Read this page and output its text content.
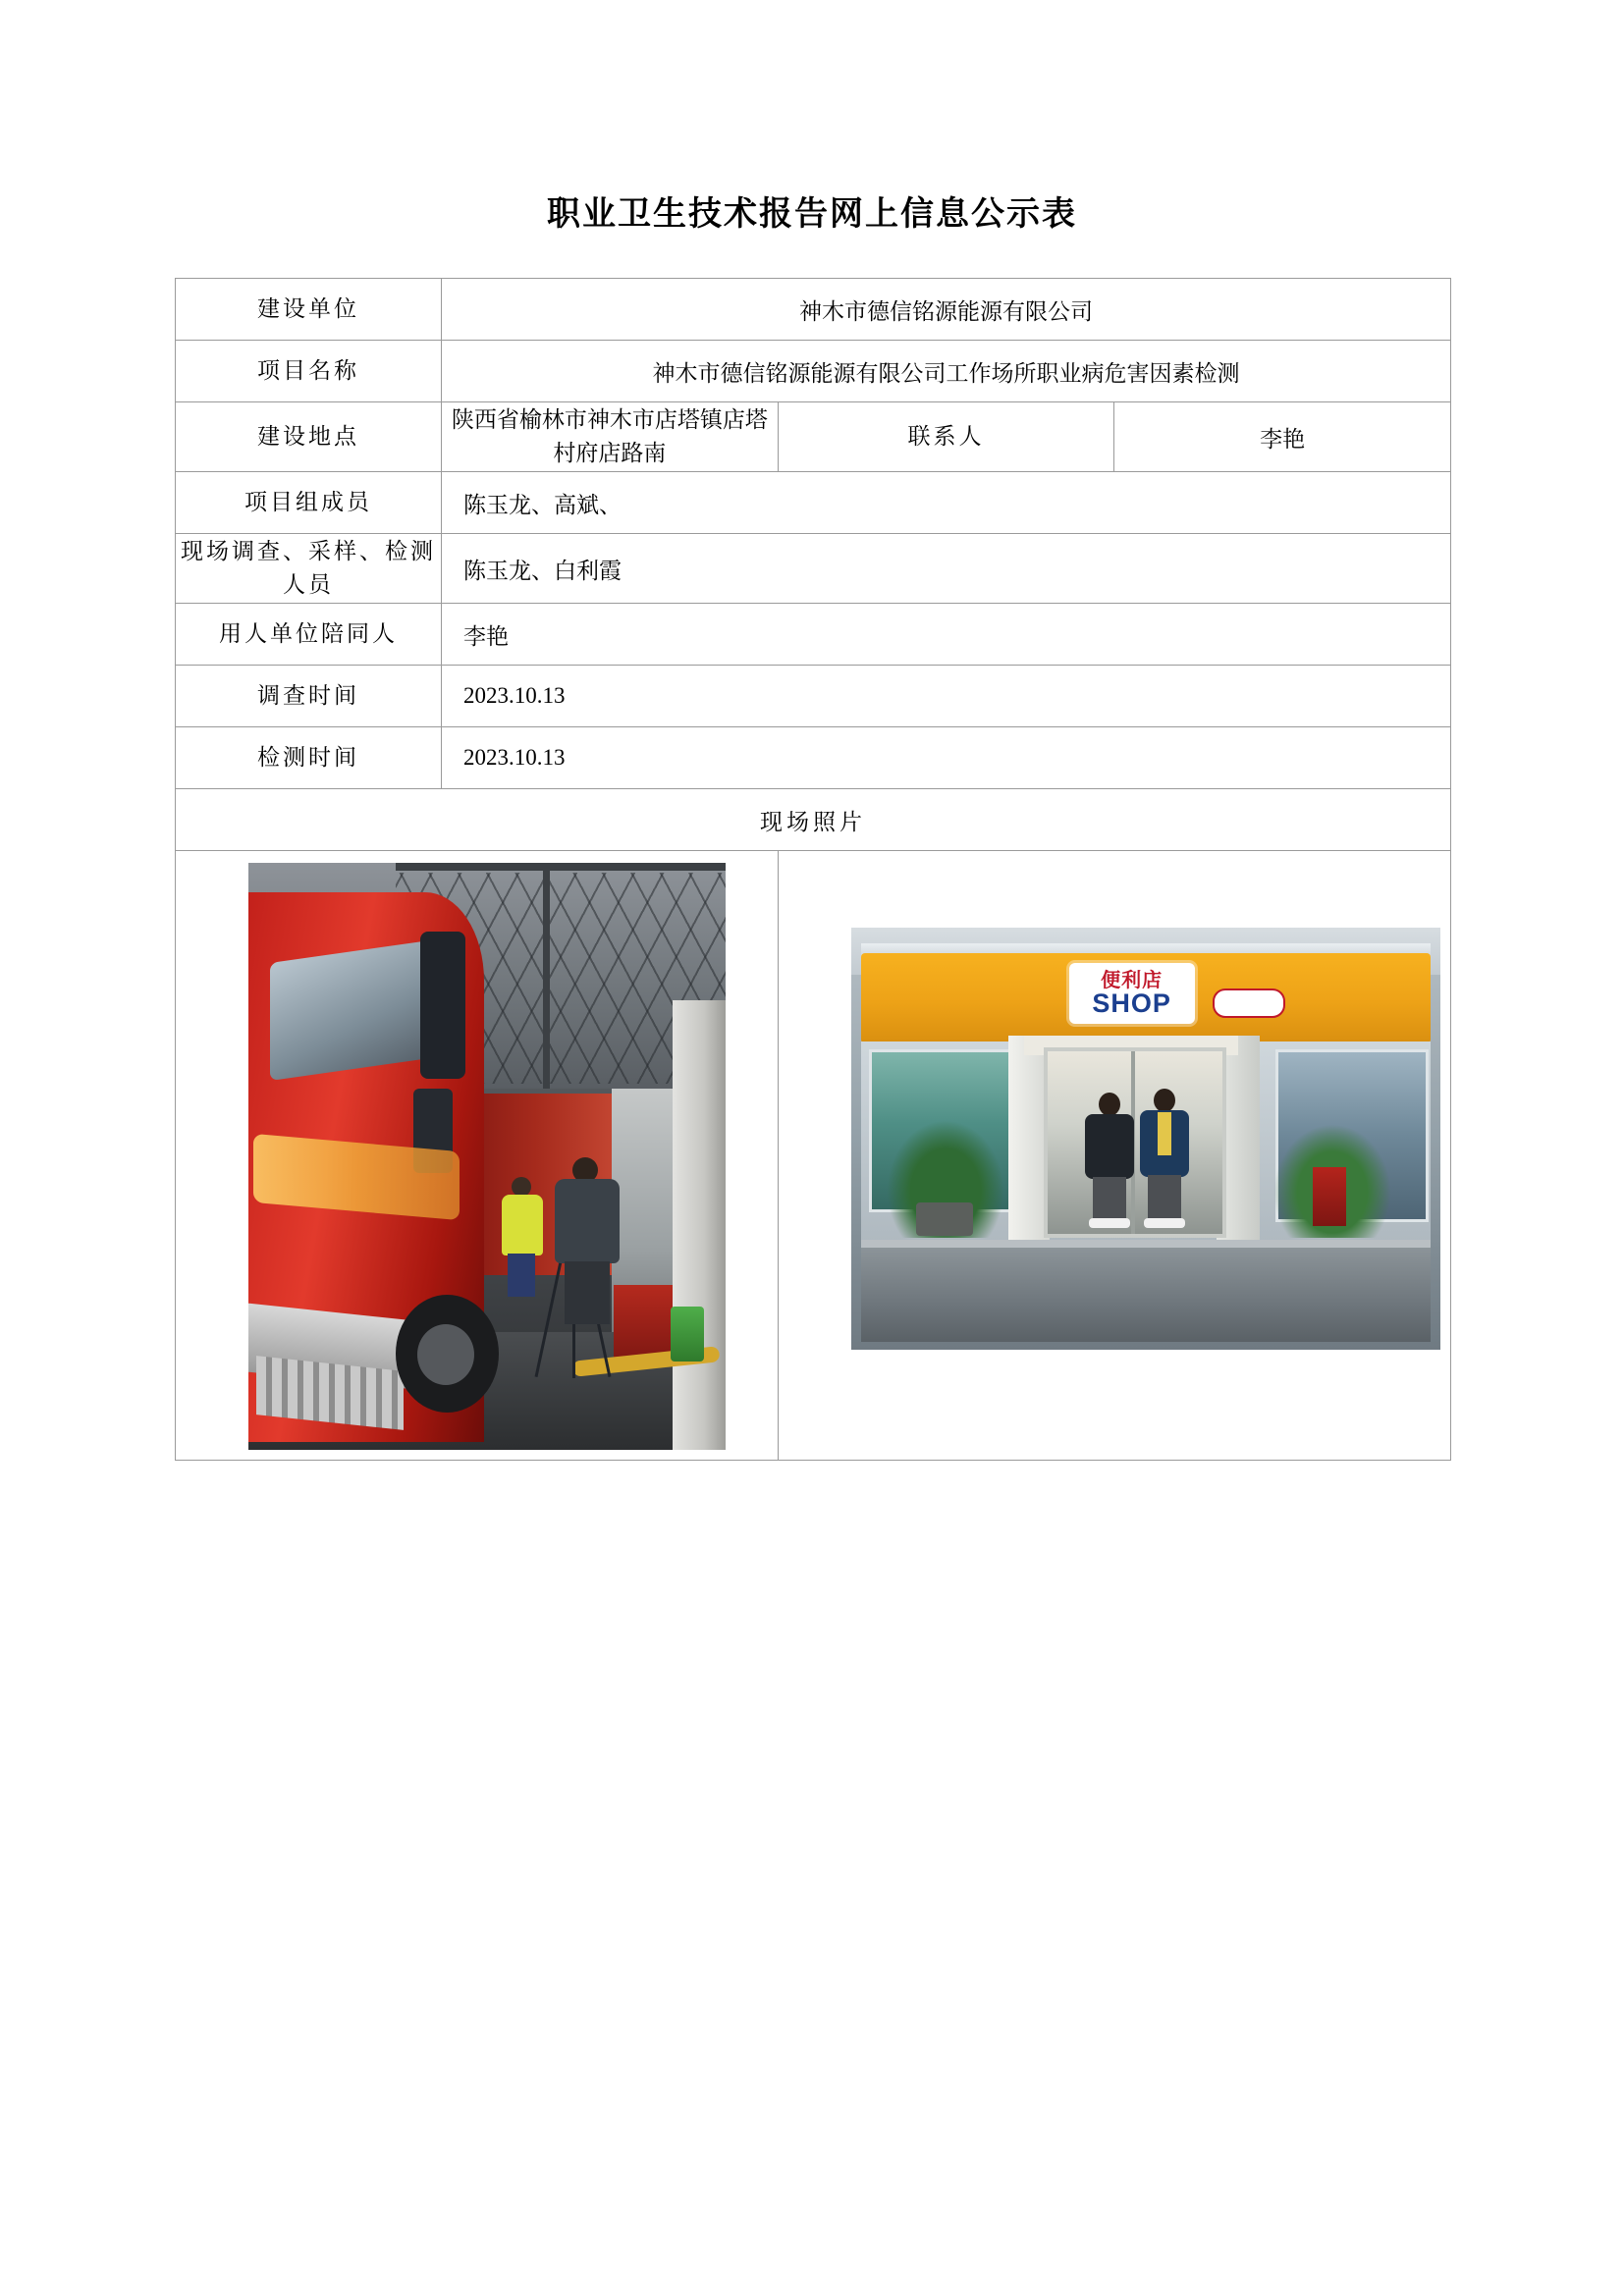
职业卫生技术报告网上信息公示表
建设单位	神木市德信铭源能源有限公司		
项目名称	神木市德信铭源能源有限公司工作场所职业病危害因素检测		
建设地点	陕西省榆林市神木市店塔镇店塔村府店路南	联系人	李艳
项目组成员	陈玉龙、高斌、		
现场调查、采样、检测人员	陈玉龙、白利霞		
用人单位陪同人	李艳		
调查时间	2023.10.13		
检测时间	2023.10.13		
现场照片			

		便利店
SHOP	
